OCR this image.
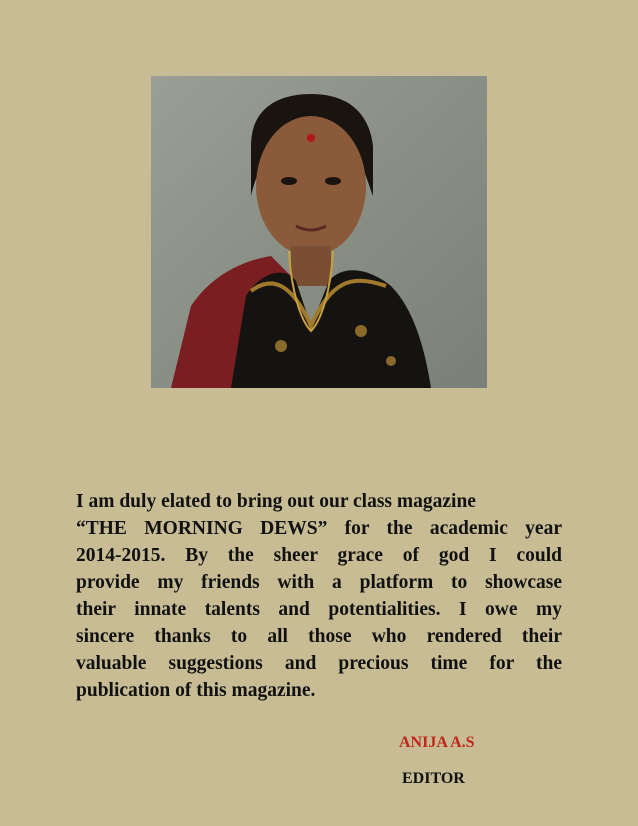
I am duly elated to bring out our class magazine
“THE MORNING DEWS” for the academic year
2014-2015. By the sheer grace of god I could
provide my friends with a platform to showcase
their innate talents and potentialities. I owe my
sincere thanks to all those who rendered their
valuable suggestions and precious time for the
publication of this magazine.

ANIJA A.S

EDITOR
